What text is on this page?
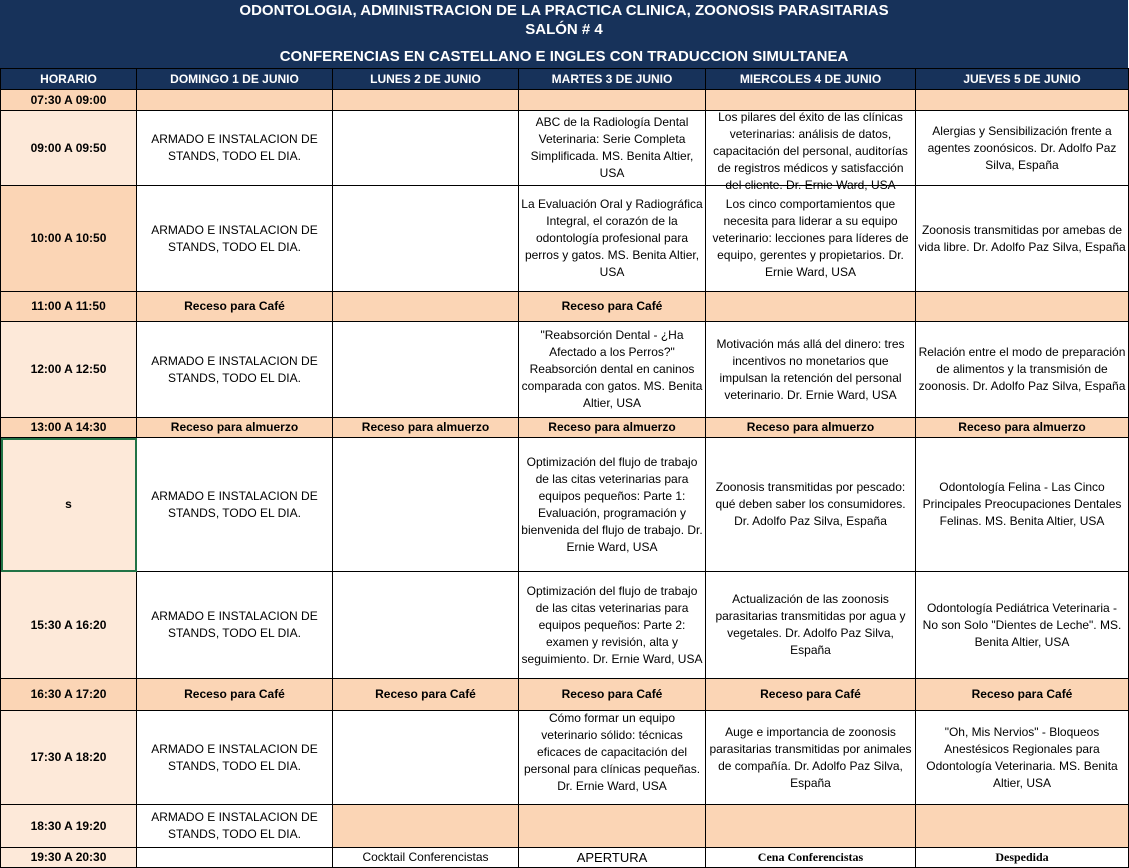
ODONTOLOGIA, ADMINISTRACION DE LA PRACTICA CLINICA, ZOONOSIS PARASITARIAS
SALÓN # 4
CONFERENCIAS EN CASTELLANO E INGLES CON TRADUCCION SIMULTANEA
HORARIO	DOMINGO 1 DE JUNIO	LUNES 2 DE JUNIO	MARTES 3 DE JUNIO	MIERCOLES 4 DE JUNIO	JUEVES 5 DE JUNIO
07:30 A 09:00					
09:00 A 09:50	ARMADO E INSTALACION DE STANDS, TODO EL DIA.		ABC de la Radiología Dental Veterinaria: Serie Completa Simplificada. MS. Benita Altier, USA	Los pilares del éxito de las clínicas veterinarias: análisis de datos, capacitación del personal, auditorías de registros médicos y satisfacción del cliente. Dr. Ernie Ward, USA	Alergias y Sensibilización frente a agentes zoonósicos. Dr. Adolfo Paz Silva, España
10:00 A 10:50	ARMADO E INSTALACION DE STANDS, TODO EL DIA.		La Evaluación Oral y Radiográfica Integral, el corazón de la odontología profesional para perros y gatos. MS. Benita Altier, USA	Los cinco comportamientos que necesita para liderar a su equipo veterinario: lecciones para líderes de equipo, gerentes y propietarios. Dr. Ernie Ward, USA	Zoonosis transmitidas por amebas de vida libre. Dr. Adolfo Paz Silva, España
11:00 A 11:50	Receso para Café		Receso para Café		
12:00 A 12:50	ARMADO E INSTALACION DE STANDS, TODO EL DIA.		"Reabsorción Dental - ¿Ha Afectado a los Perros?" Reabsorción dental en caninos comparada con gatos. MS. Benita Altier, USA	Motivación más allá del dinero: tres incentivos no monetarios que impulsan la retención del personal veterinario. Dr. Ernie Ward, USA	Relación entre el modo de preparación de alimentos y la transmisión de zoonosis. Dr. Adolfo Paz Silva, España
13:00 A 14:30	Receso para almuerzo	Receso para almuerzo	Receso para almuerzo	Receso para almuerzo	Receso para almuerzo
s	ARMADO E INSTALACION DE STANDS, TODO EL DIA.		Optimización del flujo de trabajo de las citas veterinarias para equipos pequeños: Parte 1: Evaluación, programación y bienvenida del flujo de trabajo. Dr. Ernie Ward, USA	Zoonosis transmitidas por pescado: qué deben saber los consumidores. Dr. Adolfo Paz Silva, España	Odontología Felina - Las Cinco Principales Preocupaciones Dentales Felinas. MS. Benita Altier, USA
15:30 A 16:20	ARMADO E INSTALACION DE STANDS, TODO EL DIA.		Optimización del flujo de trabajo de las citas veterinarias para equipos pequeños: Parte 2: examen y revisión, alta y seguimiento. Dr. Ernie Ward, USA	Actualización de las zoonosis parasitarias transmitidas por agua y vegetales. Dr. Adolfo Paz Silva, España	Odontología Pediátrica Veterinaria - No son Solo "Dientes de Leche". MS. Benita Altier, USA
16:30 A 17:20	Receso para Café	Receso para Café	Receso para Café	Receso para Café	Receso para Café
17:30 A 18:20	ARMADO E INSTALACION DE STANDS, TODO EL DIA.		Cómo formar un equipo veterinario sólido: técnicas eficaces de capacitación del personal para clínicas pequeñas. Dr. Ernie Ward, USA	Auge e importancia de zoonosis parasitarias transmitidas por animales de compañía. Dr. Adolfo Paz Silva, España	"Oh, Mis Nervios" - Bloqueos Anestésicos Regionales para Odontología Veterinaria. MS. Benita Altier, USA
18:30 A 19:20	ARMADO E INSTALACION DE STANDS, TODO EL DIA.				
19:30 A 20:30		Cocktail Conferencistas	APERTURA	Cena Conferencistas	Despedida
